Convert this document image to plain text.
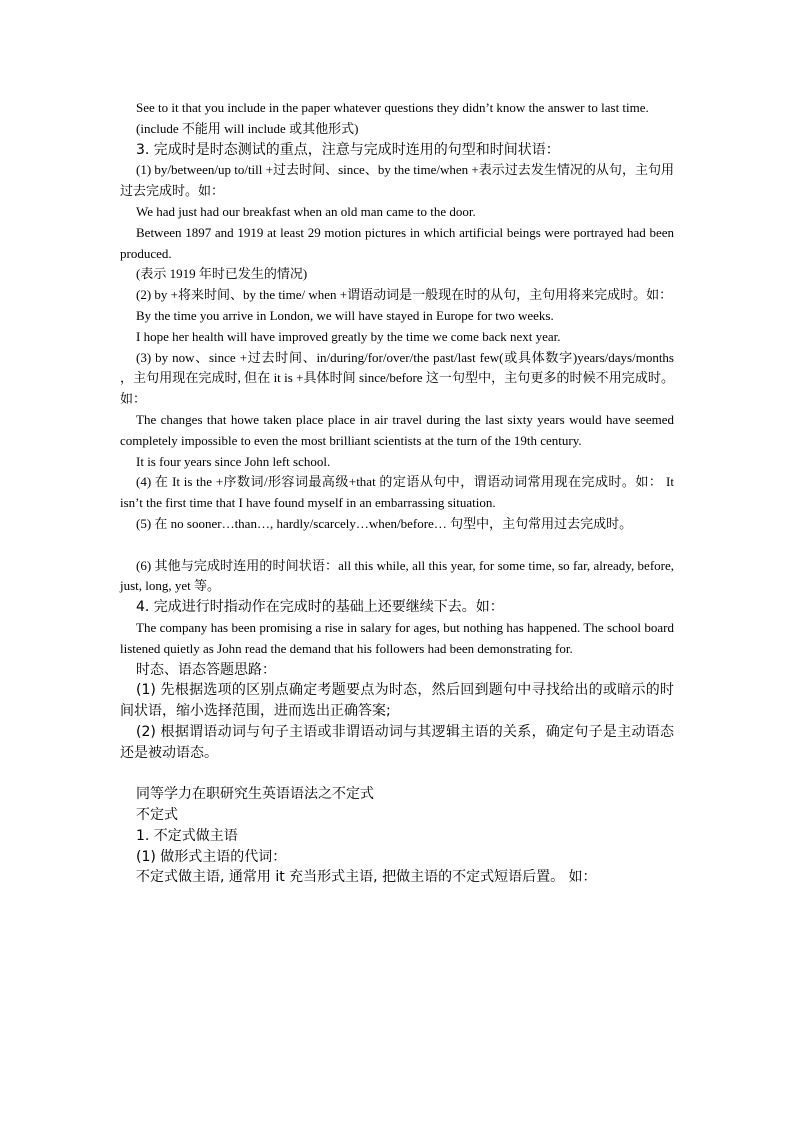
See to it that you include in the paper whatever questions they didn’t know the answer to last time.

(include 不能用 will include 或其他形式)

3. 完成时是时态测试的重点，注意与完成时连用的句型和时间状语：

(1) by/between/up to/till +过去时间、since、by the time/when +表示过去发生情况的从句，主句用过去完成时。如：

We had just had our breakfast when an old man came to the door.

Between 1897 and 1919 at least 29 motion pictures in which artificial beings were portrayed had been produced.

(表示 1919 年时已发生的情况)

(2) by +将来时间、by the time/ when +谓语动词是一般现在时的从句，主句用将来完成时。如：

By the time you arrive in London, we will have stayed in Europe for two weeks.

I hope her health will have improved greatly by the time we come back next year.

(3) by now、since +过去时间、in/during/for/over/the past/last few(或具体数字)years/days/months ，主句用现在完成时, 但在 it is +具体时间 since/before 这一句型中，主句更多的时候不用完成时。如：

The changes that howe taken place place in air travel during the last sixty years would have seemed completely impossible to even the most brilliant scientists at the turn of the 19th century.

It is four years since John left school.

(4) 在 It is the +序数词/形容词最高级+that 的定语从句中，谓语动词常用现在完成时。如： It isn’t the first time that I have found myself in an embarrassing situation.

(5) 在 no sooner…than…, hardly/scarcely…when/before… 句型中，主句常用过去完成时。

(6) 其他与完成时连用的时间状语：all this while, all this year, for some time, so far, already, before, just, long, yet 等。

4. 完成进行时指动作在完成时的基础上还要继续下去。如：

The company has been promising a rise in salary for ages, but nothing has happened. The school board listened quietly as John read the demand that his followers had been demonstrating for.

时态、语态答题思路：

(1) 先根据选项的区别点确定考题要点为时态，然后回到题句中寻找给出的或暗示的时间状语，缩小选择范围，进而选出正确答案;

(2) 根据谓语动词与句子主语或非谓语动词与其逻辑主语的关系，确定句子是主动语态还是被动语态。

同等学力在职研究生英语语法之不定式

不定式

1. 不定式做主语

(1) 做形式主语的代词：

不定式做主语, 通常用 it 充当形式主语, 把做主语的不定式短语后置。 如：
